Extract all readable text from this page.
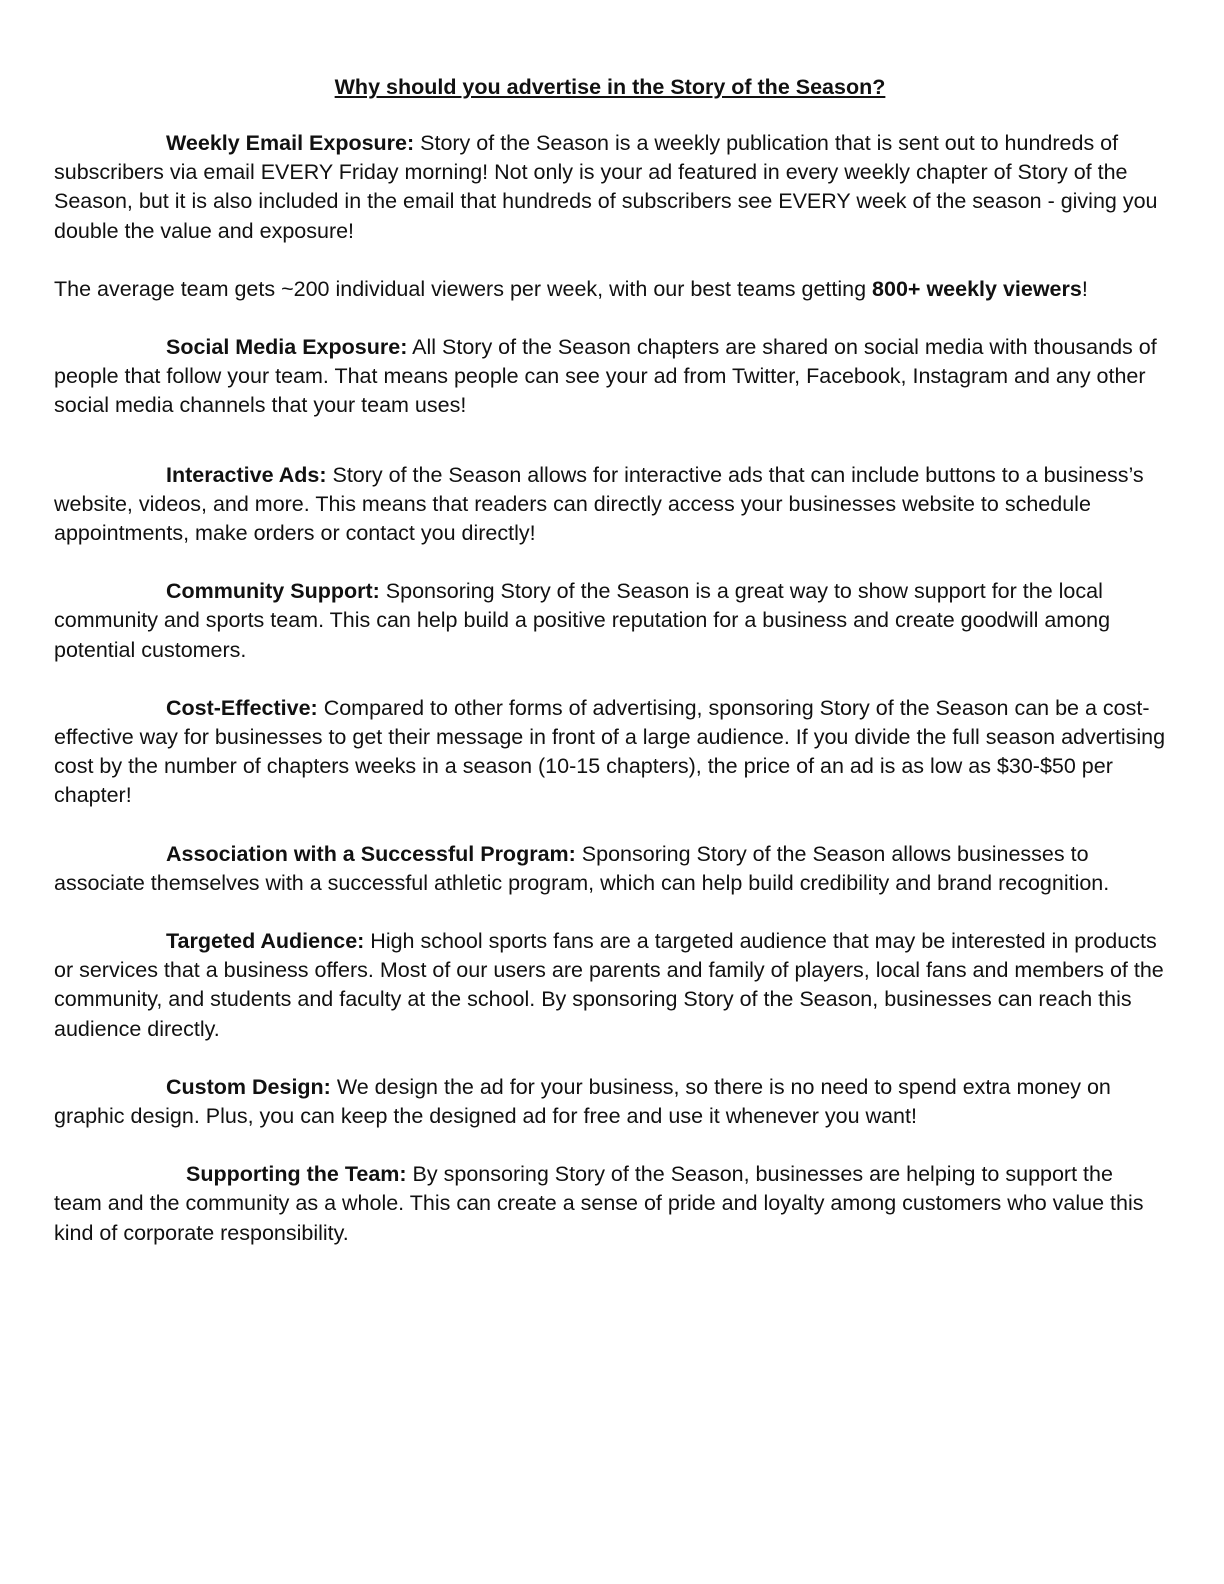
Why should you advertise in the Story of the Season?

Weekly Email Exposure: Story of the Season is a weekly publication that is sent out to hundreds of subscribers via email EVERY Friday morning! Not only is your ad featured in every weekly chapter of Story of the Season, but it is also included in the email that hundreds of subscribers see EVERY week of the season - giving you double the value and exposure!

The average team gets ~200 individual viewers per week, with our best teams getting 800+ weekly viewers!

Social Media Exposure: All Story of the Season chapters are shared on social media with thousands of people that follow your team. That means people can see your ad from Twitter, Facebook, Instagram and any other social media channels that your team uses!

Interactive Ads: Story of the Season allows for interactive ads that can include buttons to a business’s website, videos, and more. This means that readers can directly access your businesses website to schedule appointments, make orders or contact you directly!

Community Support: Sponsoring Story of the Season is a great way to show support for the local community and sports team. This can help build a positive reputation for a business and create goodwill among potential customers.

Cost-Effective: Compared to other forms of advertising, sponsoring Story of the Season can be a cost-effective way for businesses to get their message in front of a large audience. If you divide the full season advertising cost by the number of chapters weeks in a season (10-15 chapters), the price of an ad is as low as $30-$50 per chapter!

Association with a Successful Program: Sponsoring Story of the Season allows businesses to associate themselves with a successful athletic program, which can help build credibility and brand recognition.

Targeted Audience: High school sports fans are a targeted audience that may be interested in products or services that a business offers. Most of our users are parents and family of players, local fans and members of the community, and students and faculty at the school. By sponsoring Story of the Season, businesses can reach this audience directly.

Custom Design: We design the ad for your business, so there is no need to spend extra money on graphic design. Plus, you can keep the designed ad for free and use it whenever you want!

Supporting the Team: By sponsoring Story of the Season, businesses are helping to support the team and the community as a whole. This can create a sense of pride and loyalty among customers who value this kind of corporate responsibility.
